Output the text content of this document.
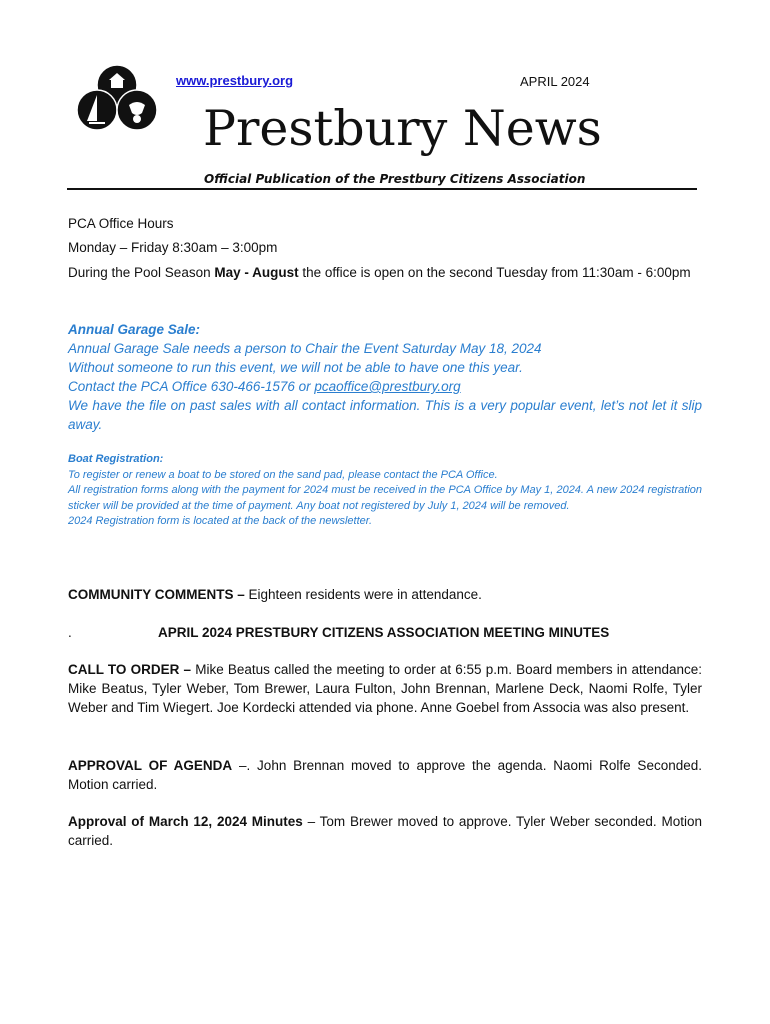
www.prestbury.org	APRIL 2024
Prestbury News
Official Publication of the Prestbury Citizens Association
PCA Office Hours
Monday – Friday 8:30am – 3:00pm

During the Pool Season May - August the office is open on the second Tuesday from 11:30am - 6:00pm

Annual Garage Sale:
Annual Garage Sale needs a person to Chair the Event Saturday May 18, 2024
Without someone to run this event, we will not be able to have one this year.
Contact the PCA Office 630-466-1576 or pcaoffice@prestbury.org

We have the file on past sales with all contact information. This is a very popular event, let’s not let it slip away.

Boat Registration:
To register or renew a boat to be stored on the sand pad, please contact the PCA Office.

All registration forms along with the payment for 2024 must be received in the PCA Office by May 1, 2024. A new 2024 registration sticker will be provided at the time of payment. Any boat not registered by July 1, 2024 will be removed.

2024 Registration form is located at the back of the newsletter.
COMMUNITY COMMENTS – Eighteen residents were in attendance.
.	APRIL 2024 PRESTBURY CITIZENS ASSOCIATION MEETING MINUTES

CALL TO ORDER – Mike Beatus called the meeting to order at 6:55 p.m. Board members in attendance: Mike Beatus, Tyler Weber, Tom Brewer, Laura Fulton, John Brennan, Marlene Deck, Naomi Rolfe, Tyler Weber and Tim Wiegert. Joe Kordecki attended via phone. Anne Goebel from Associa was also present.

APPROVAL OF AGENDA –. John Brennan moved to approve the agenda. Naomi Rolfe Seconded. Motion carried.

Approval of March 12, 2024 Minutes – Tom Brewer moved to approve. Tyler Weber seconded. Motion carried.
